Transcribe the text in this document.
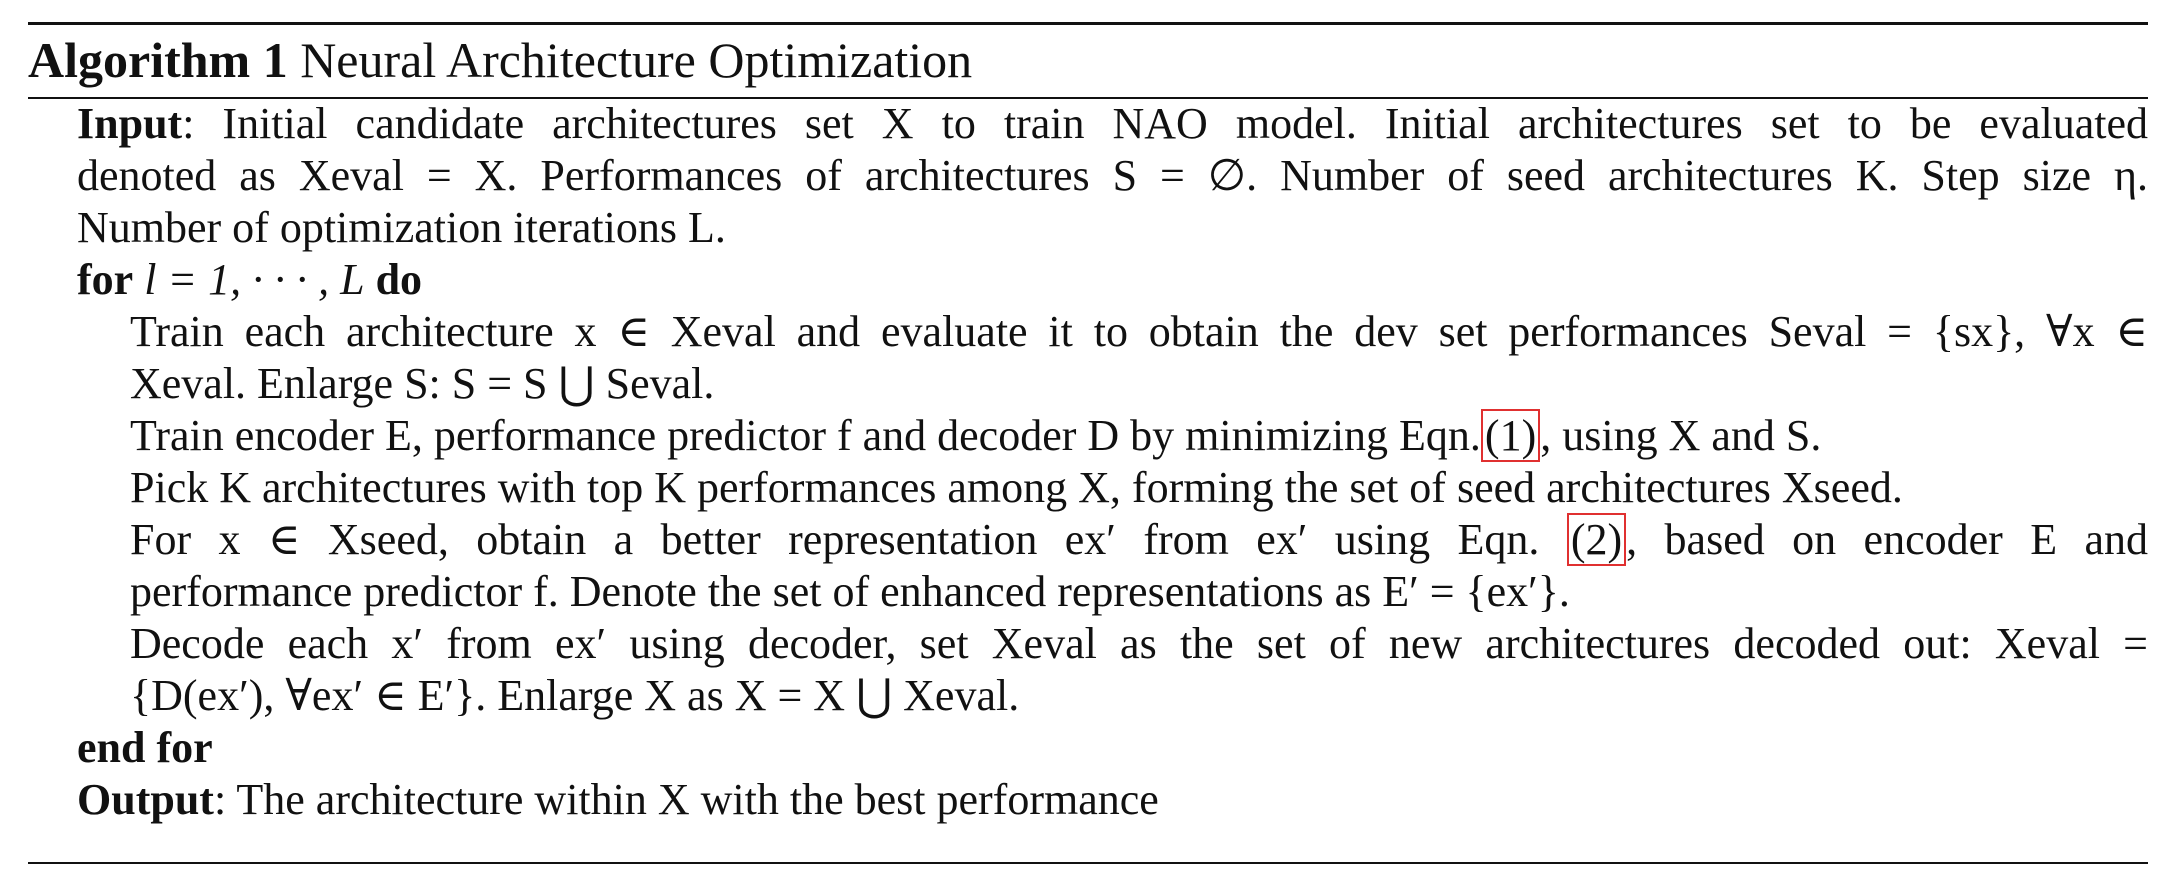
Algorithm 1 Neural Architecture Optimization
Input: Initial candidate architectures set X to train NAO model. Initial architectures set to be evaluated
denoted as Xeval = X. Performances of architectures S = ∅. Number of seed architectures K. Step size η.
Number of optimization iterations L.
for l = 1, · · · , L do
Train each architecture x ∈ Xeval and evaluate it to obtain the dev set performances Seval = {sx}, ∀x ∈
Xeval. Enlarge S: S = S ⋃ Seval.
Train encoder E, performance predictor f and decoder D by minimizing Eqn.(1), using X and S.
Pick K architectures with top K performances among X, forming the set of seed architectures Xseed.
For x ∈ Xseed, obtain a better representation ex′ from ex′ using Eqn. (2), based on encoder E and
performance predictor f. Denote the set of enhanced representations as E′ = {ex′}.
Decode each x′ from ex′ using decoder, set Xeval as the set of new architectures decoded out: Xeval =
{D(ex′), ∀ex′ ∈ E′}. Enlarge X as X = X ⋃ Xeval.
end for
Output: The architecture within X with the best performance
